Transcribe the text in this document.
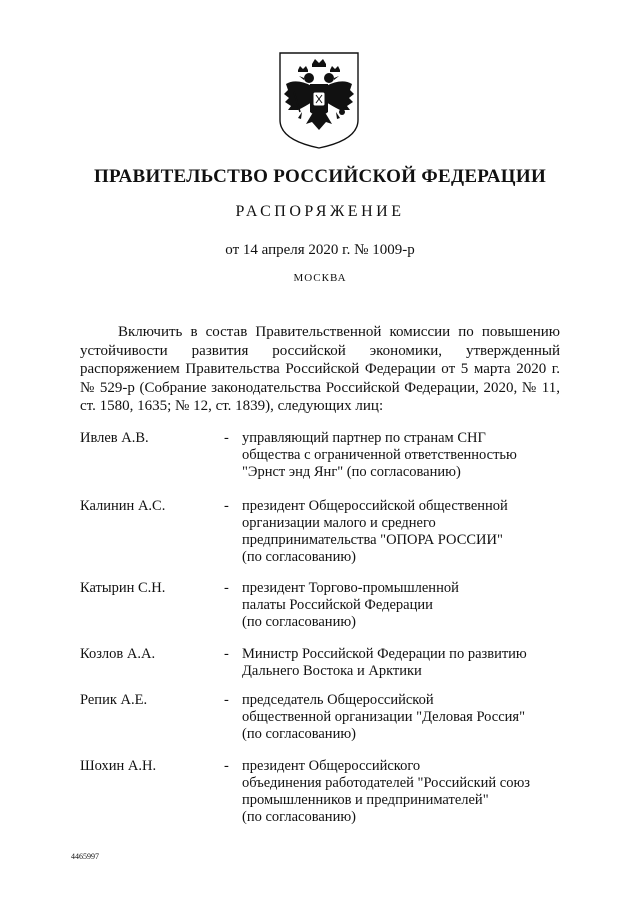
ПРАВИТЕЛЬСТВО РОССИЙСКОЙ ФЕДЕРАЦИИ
РАСПОРЯЖЕНИЕ
от 14 апреля 2020 г. № 1009-р
МОСКВА
Включить в состав Правительственной комиссии по повышению
устойчивости развития российской экономики, утвержденный
распоряжением Правительства Российской Федерации от 5 марта 2020 г.
№ 529-р (Собрание законодательства Российской Федерации, 2020, № 11,
ст. 1580, 1635; № 12, ст. 1839), следующих лиц:
Ивлев А.В.	- управляющий партнер по странам СНГ
общества с ограниченной ответственностью
"Эрнст энд Янг" (по согласованию)
Калинин А.С.	- президент Общероссийской общественной
организации малого и среднего
предпринимательства "ОПОРА РОССИИ"
(по согласованию)
Катырин С.Н.	- президент Торгово-промышленной
палаты Российской Федерации
(по согласованию)
Козлов А.А.	- Министр Российской Федерации по развитию
Дальнего Востока и Арктики
Репик А.Е.	- председатель Общероссийской
общественной организации "Деловая Россия"
(по согласованию)
Шохин А.Н.	- президент Общероссийского
объединения работодателей "Российский союз
промышленников и предпринимателей"
(по согласованию)
4465997
